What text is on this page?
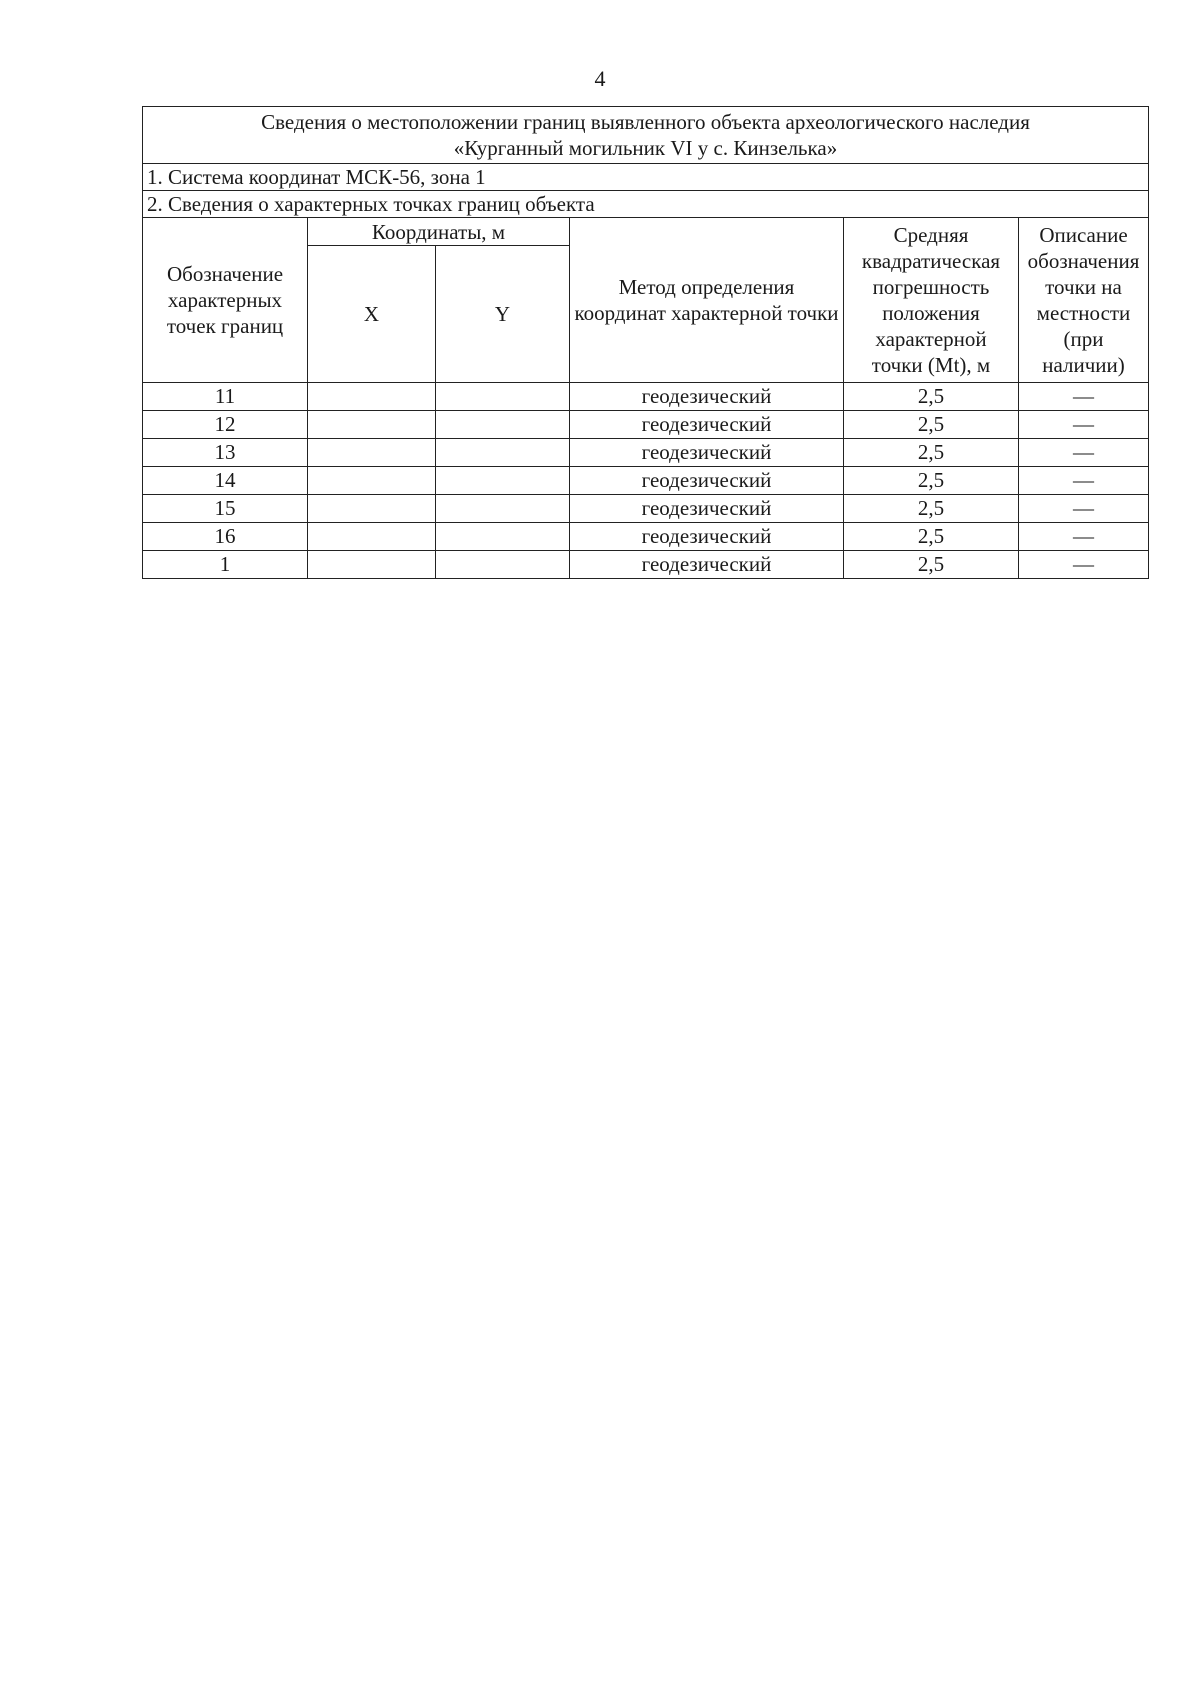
4
Сведения о местоположении границ выявленного объекта археологического наследия
«Курганный могильник VI у с. Кинзелька»					

1. Система координат МСК-56, зона 1					
2. Сведения о характерных точках границ объекта					
Обозначение характерных точек границ	Координаты, м		Метод определения координат характерной точки	Средняя квадратическая погрешность положения характерной точки (Mt), м	Описание обозначения точки на местности (при наличии)
	X	Y			
11			геодезический	2,5	—
12			геодезический	2,5	—
13			геодезический	2,5	—
14			геодезический	2,5	—
15			геодезический	2,5	—
16			геодезический	2,5	—
1			геодезический	2,5	—
